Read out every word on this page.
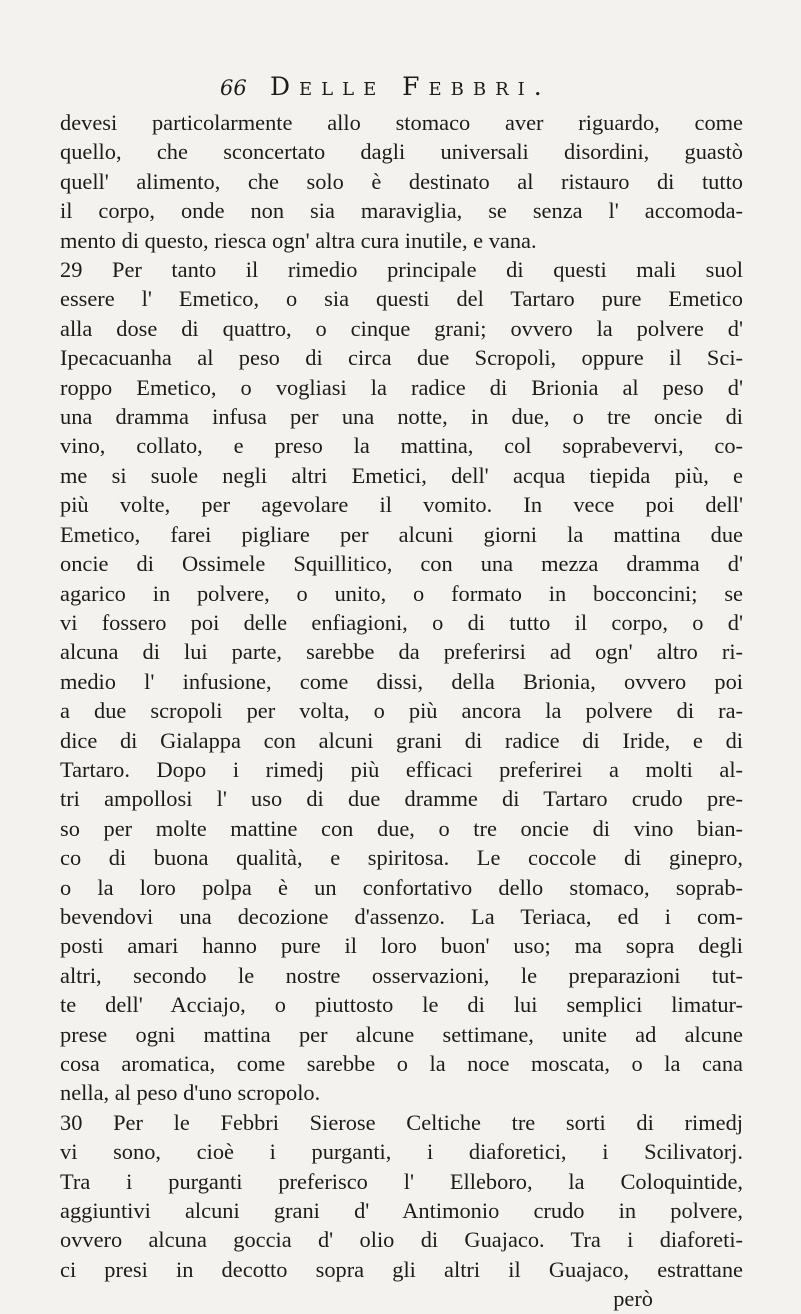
66 Delle Febbri.
devesi particolarmente allo stomaco aver riguardo, come
quello, che sconcertato dagli universali disordini, guastò
quell' alimento, che solo è destinato al ristauro di tutto
il corpo, onde non sia maraviglia, se senza l' accomoda-
mento di questo, riesca ogn' altra cura inutile, e vana.
29 Per tanto il rimedio principale di questi mali suol
essere l' Emetico, o sia questi del Tartaro pure Emetico
alla dose di quattro, o cinque grani; ovvero la polvere d'
Ipecacuanha al peso di circa due Scropoli, oppure il Sci-
roppo Emetico, o vogliasi la radice di Brionia al peso d'
una dramma infusa per una notte, in due, o tre oncie di
vino, collato, e preso la mattina, col soprabevervi, co-
me si suole negli altri Emetici, dell' acqua tiepida più, e
più volte, per agevolare il vomito. In vece poi dell'
Emetico, farei pigliare per alcuni giorni la mattina due
oncie di Ossimele Squillitico, con una mezza dramma d'
agarico in polvere, o unito, o formato in bocconcini; se
vi fossero poi delle enfiagioni, o di tutto il corpo, o d'
alcuna di lui parte, sarebbe da preferirsi ad ogn' altro ri-
medio l' infusione, come dissi, della Brionia, ovvero poi
a due scropoli per volta, o più ancora la polvere di ra-
dice di Gialappa con alcuni grani di radice di Iride, e di
Tartaro. Dopo i rimedj più efficaci preferirei a molti al-
tri ampollosi l' uso di due dramme di Tartaro crudo pre-
so per molte mattine con due, o tre oncie di vino bian-
co di buona qualità, e spiritosa. Le coccole di ginepro,
o la loro polpa è un confortativo dello stomaco, soprab-
bevendovi una decozione d'assenzo. La Teriaca, ed i com-
posti amari hanno pure il loro buon' uso; ma sopra degli
altri, secondo le nostre osservazioni, le preparazioni tut-
te dell' Acciajo, o piuttosto le di lui semplici limatur-
prese ogni mattina per alcune settimane, unite ad alcune
cosa aromatica, come sarebbe o la noce moscata, o la cana
nella, al peso d'uno scropolo.
30 Per le Febbri Sierose Celtiche tre sorti di rimedj
vi sono, cioè i purganti, i diaforetici, i Scilivatorj.
Tra i purganti preferisco l' Elleboro, la Coloquintide,
aggiuntivi alcuni grani d' Antimonio crudo in polvere,
ovvero alcuna goccia d' olio di Guajaco. Tra i diaforeti-
ci presi in decotto sopra gli altri il Guajaco, estrattane
però
